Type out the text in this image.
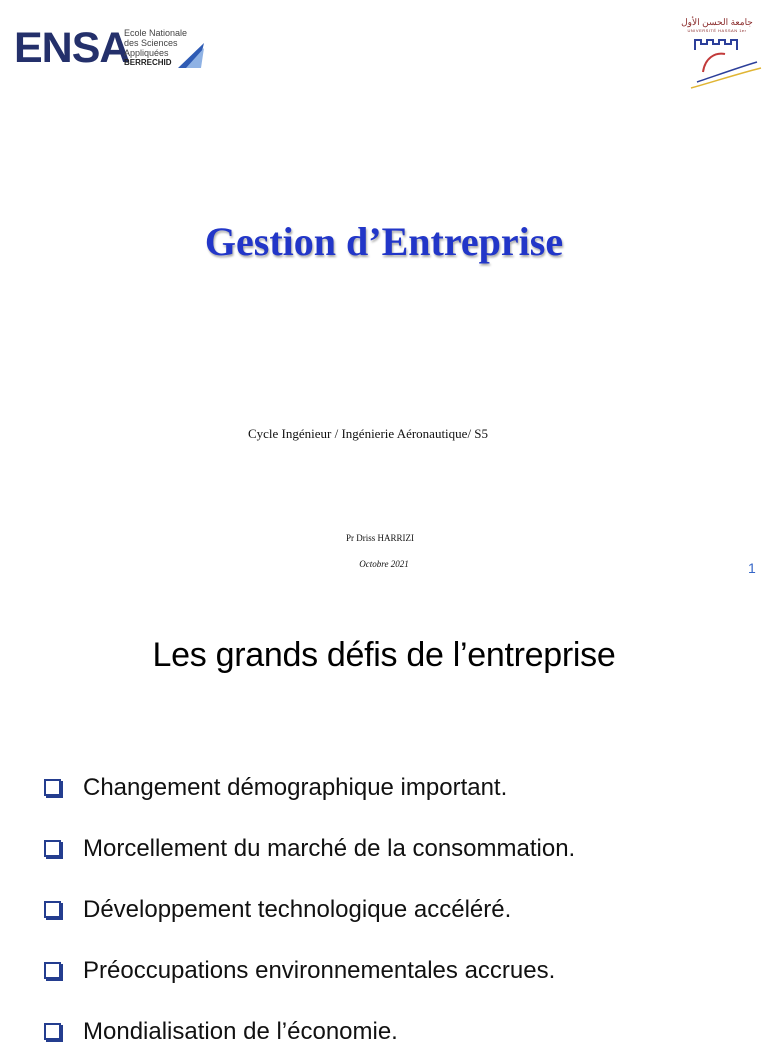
ENSA
Ecole Nationale
des Sciences
Appliquées
BERRECHID
جامعة الحسن الأول
UNIVERSITÉ HASSAN 1er
Gestion d’Entreprise
Cycle Ingénieur / Ingénierie Aéronautique/ S5
Pr Driss HARRIZI
Octobre 2021	1
Les grands défis de l’entreprise
Changement démographique important.
Morcellement du marché de la consommation.
Développement technologique accéléré.
Préoccupations environnementales accrues.
Mondialisation de l’économie.
